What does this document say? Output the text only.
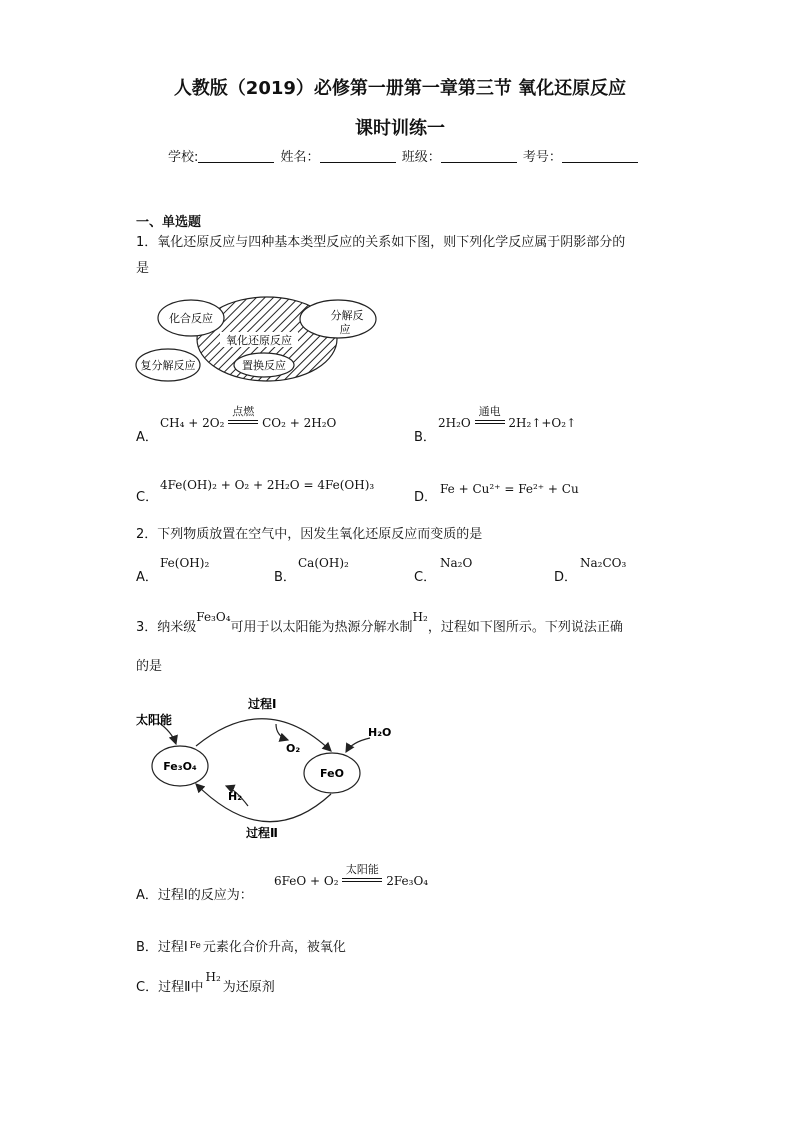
人教版（2019）必修第一册第一章第三节 氧化还原反应
课时训练一
学校:	姓名：	班级：	考号：
一、单选题
1．氧化还原反应与四种基本类型反应的关系如下图，则下列化学反应属于阴影部分的
是
化合反应	分解反
应
氧化还原反应
复分解反应	置换反应
A．
CH₄ + 2O₂
点燃
CO₂ + 2H₂O
B．
2H₂O
通电
2H₂↑+O₂↑
C．
4Fe(OH)₂ + O₂ + 2H₂O = 4Fe(OH)₃
D．
Fe + Cu²⁺ = Fe²⁺ + Cu
2．下列物质放置在空气中，因发生氧化还原反应而变质的是
A．
Fe(OH)₂
B．
Ca(OH)₂
C．
Na₂O
D．
Na₂CO₃
3．纳米级Fe₃O₄可用于以太阳能为热源分解水制H₂，过程如下图所示。下列说法正确
的是
太阳能
过程Ⅰ
过程Ⅱ
O₂
H₂O
H₂
Fe₃O₄
FeO
A．过程Ⅰ的反应为：
6FeO + O₂
太阳能
2Fe₃O₄
B．过程Ⅰ $^{Fe}$ 元素化合价升高，被氧化
C．过程Ⅱ中H₂为还原剂
